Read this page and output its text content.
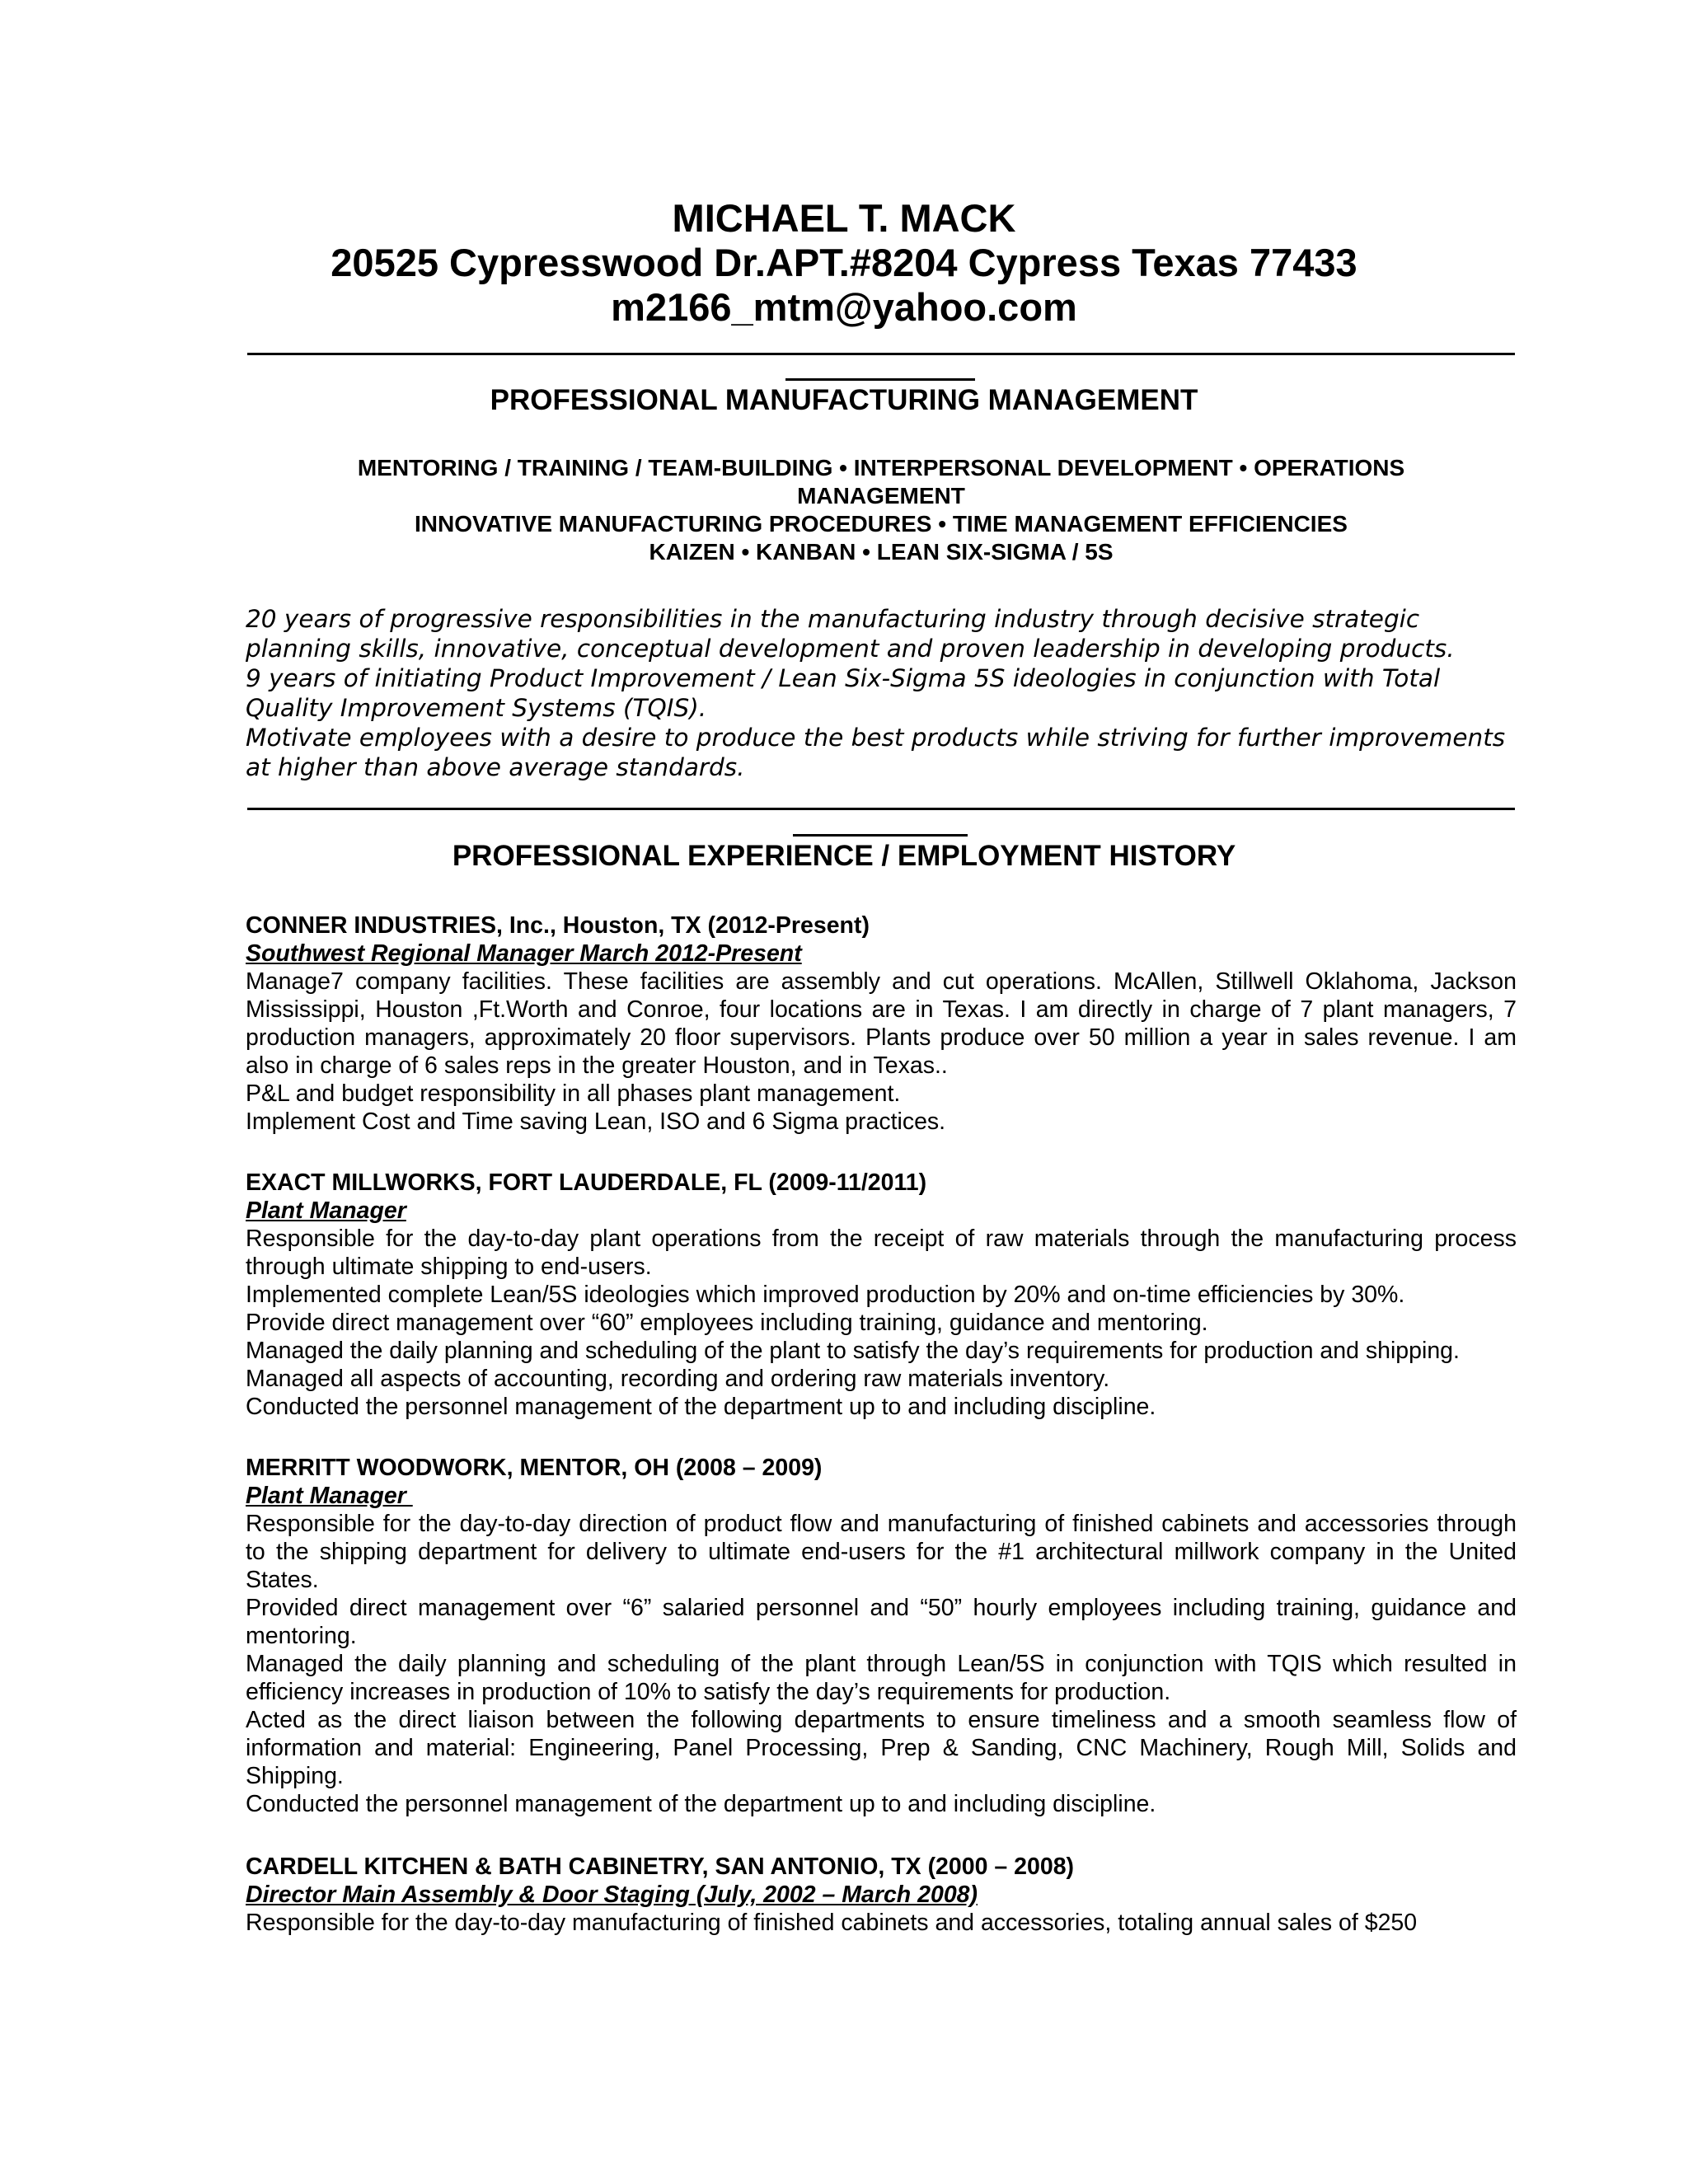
MICHAEL T. MACK
20525 Cypresswood Dr.APT.#8204 Cypress Texas 77433
m2166_mtm@yahoo.com
PROFESSIONAL MANUFACTURING MANAGEMENT
MENTORING / TRAINING / TEAM-BUILDING • INTERPERSONAL DEVELOPMENT • OPERATIONS
MANAGEMENT
INNOVATIVE MANUFACTURING PROCEDURES • TIME MANAGEMENT EFFICIENCIES
KAIZEN • KANBAN • LEAN SIX-SIGMA / 5S

20 years of progressive responsibilities in the manufacturing industry through decisive strategic planning skills, innovative, conceptual development and proven leadership in developing products.

9 years of initiating Product Improvement / Lean Six-Sigma 5S ideologies in conjunction with Total Quality Improvement Systems (TQIS).

Motivate employees with a desire to produce the best products while striving for further improvements at higher than above average standards.

PROFESSIONAL EXPERIENCE / EMPLOYMENT HISTORY
CONNER INDUSTRIES, Inc., Houston, TX (2012-Present)
Southwest Regional Manager March 2012-Present

Manage7 company facilities. These facilities are assembly and cut operations. McAllen, Stillwell Oklahoma, Jackson Mississippi, Houston ,Ft.Worth and Conroe, four locations are in Texas. I am directly in charge of 7 plant managers, 7 production managers, approximately 20 floor supervisors. Plants produce over 50 million a year in sales revenue. I am also in charge of 6 sales reps in the greater Houston, and in Texas..

P&L and budget responsibility in all phases plant management.

Implement Cost and Time saving Lean, ISO and 6 Sigma practices.

EXACT MILLWORKS, FORT LAUDERDALE, FL (2009-11/2011)
Plant Manager

Responsible for the day-to-day plant operations from the receipt of raw materials through the manufacturing process through ultimate shipping to end-users.

Implemented complete Lean/5S ideologies which improved production by 20% and on-time efficiencies by 30%.

Provide direct management over “60” employees including training, guidance and mentoring.

Managed the daily planning and scheduling of the plant to satisfy the day’s requirements for production and shipping.

Managed all aspects of accounting, recording and ordering raw materials inventory.

Conducted the personnel management of the department up to and including discipline.

MERRITT WOODWORK, MENTOR, OH (2008 – 2009)
Plant Manager

Responsible for the day-to-day direction of product flow and manufacturing of finished cabinets and accessories through to the shipping department for delivery to ultimate end-users for the #1 architectural millwork company in the United States.

Provided direct management over “6” salaried personnel and “50” hourly employees including training, guidance and mentoring.

Managed the daily planning and scheduling of the plant through Lean/5S in conjunction with TQIS which resulted in efficiency increases in production of 10% to satisfy the day’s requirements for production.

Acted as the direct liaison between the following departments to ensure timeliness and a smooth seamless flow of information and material: Engineering, Panel Processing, Prep & Sanding, CNC Machinery, Rough Mill, Solids and Shipping.

Conducted the personnel management of the department up to and including discipline.

CARDELL KITCHEN & BATH CABINETRY, SAN ANTONIO, TX (2000 – 2008)
Director Main Assembly & Door Staging (July, 2002 – March 2008)

Responsible for the day-to-day manufacturing of finished cabinets and accessories, totaling annual sales of $250
